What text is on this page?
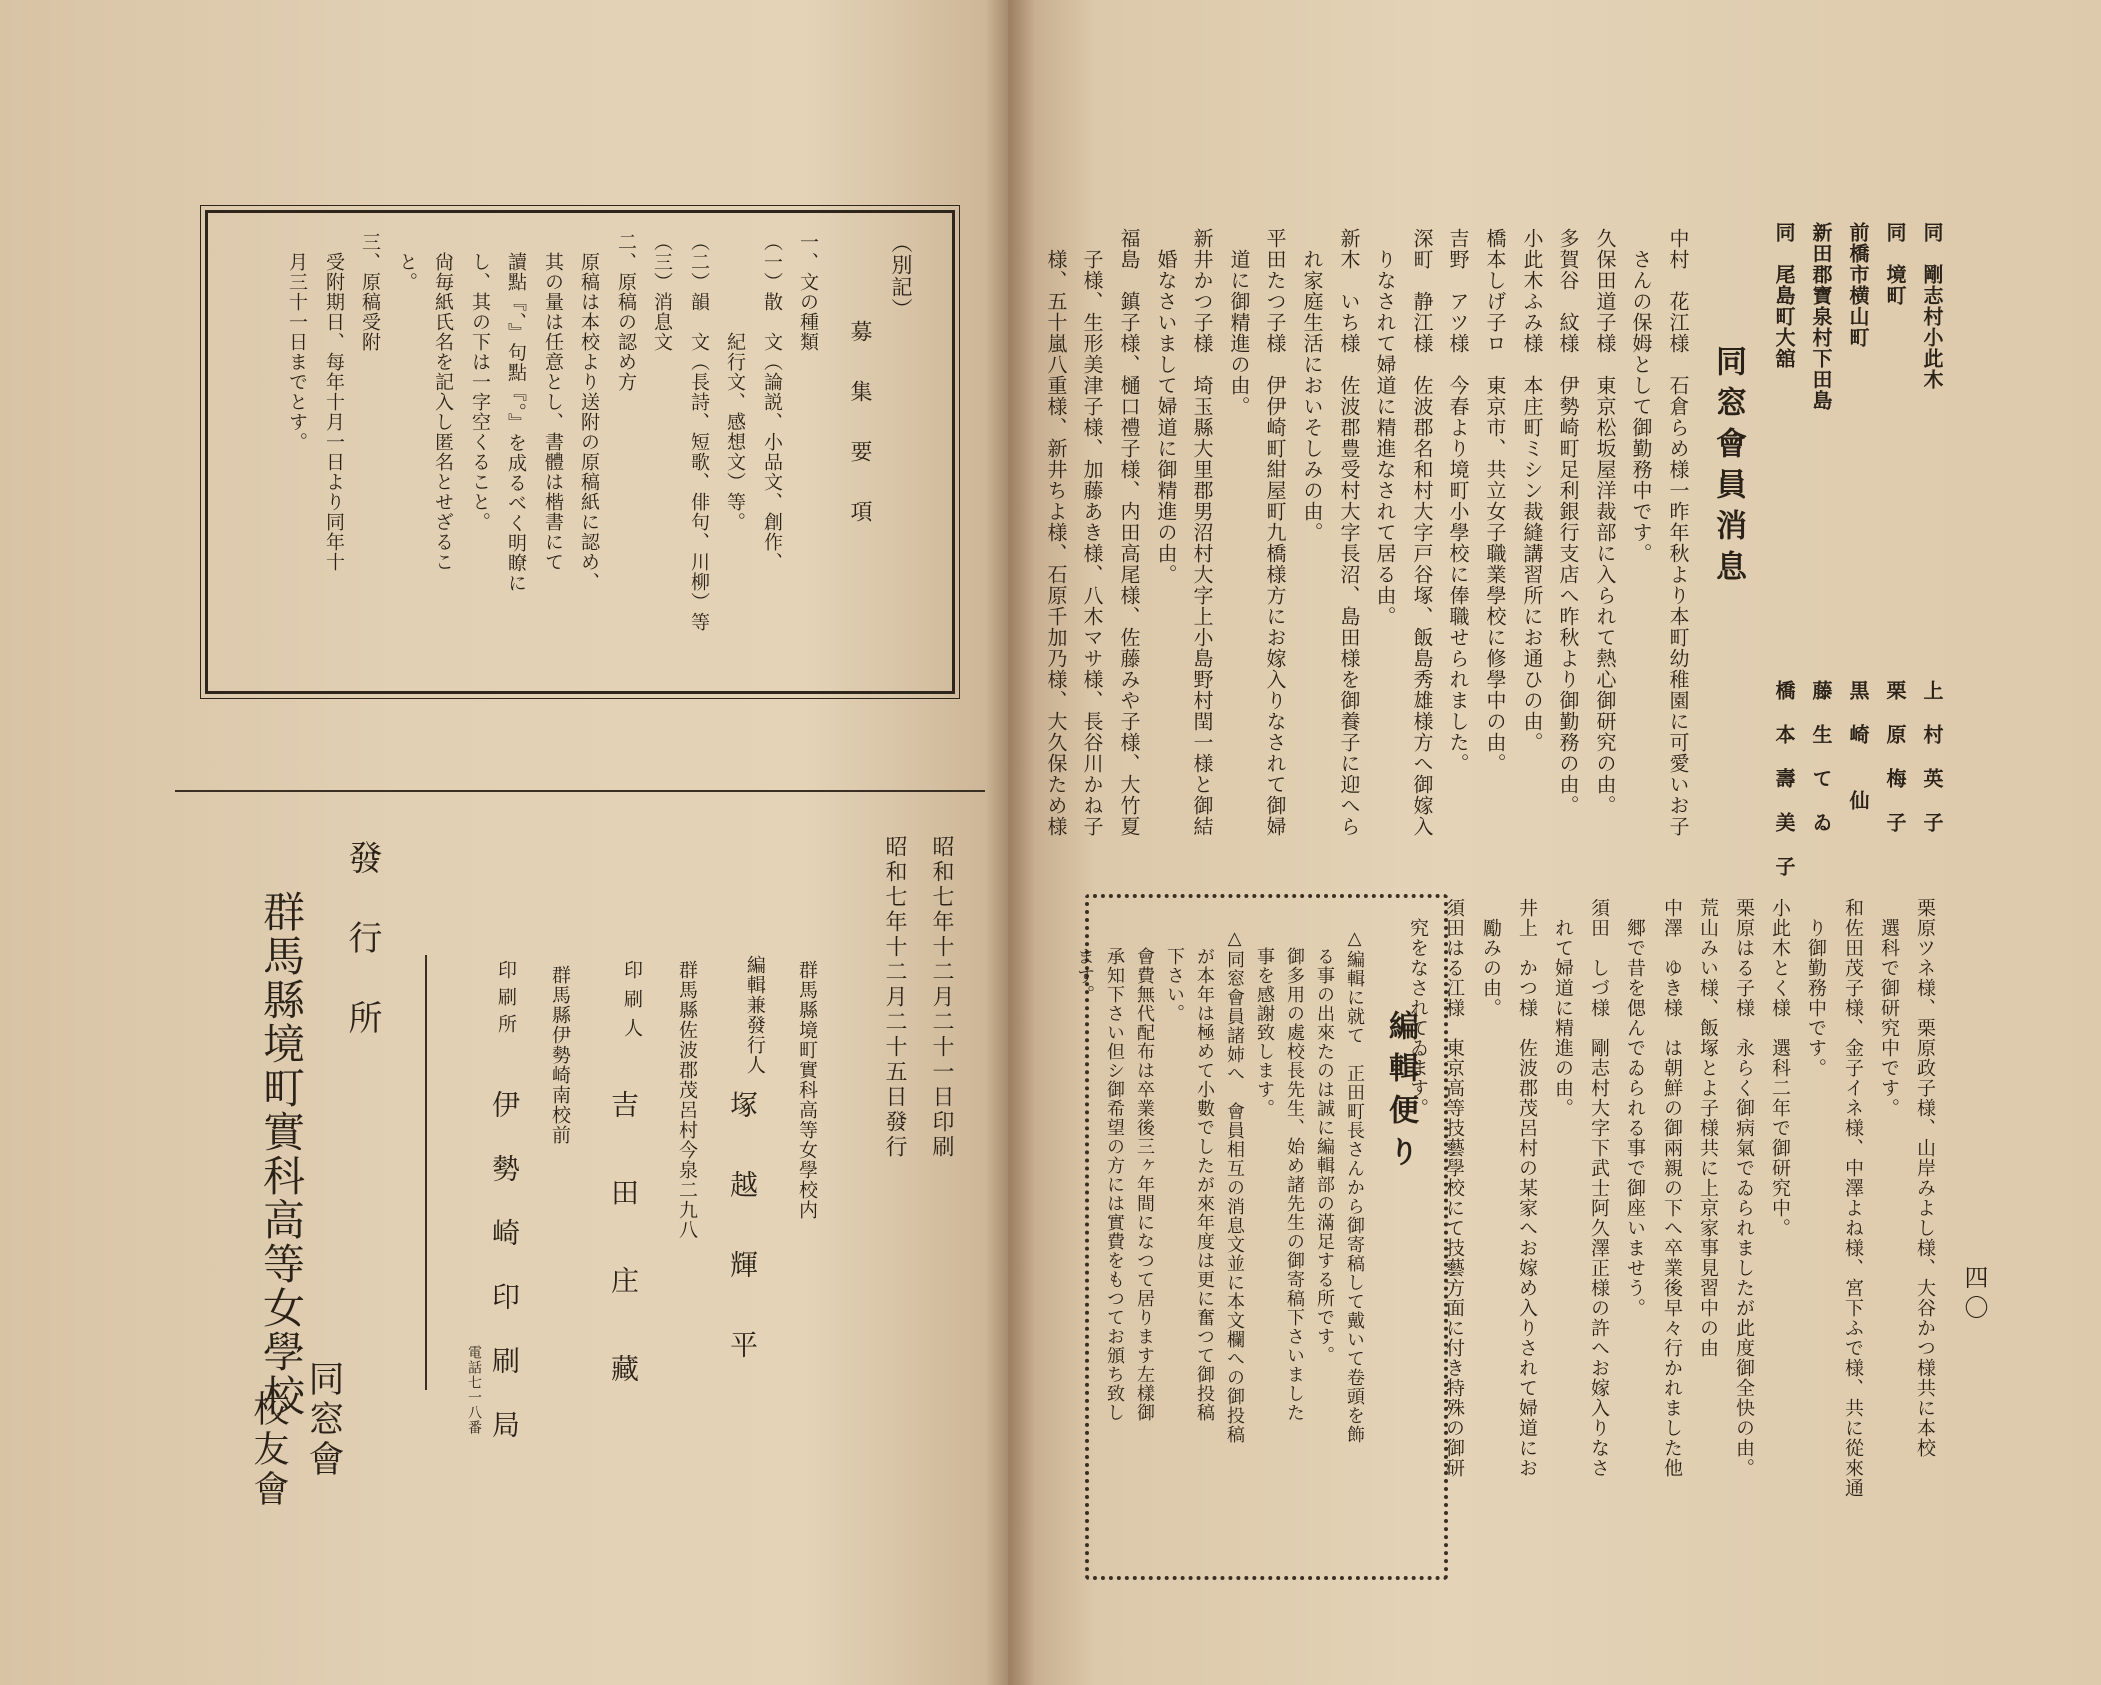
四〇
同　剛志村小此木
上　村　英　子
同　境町
栗　原　梅　子
前橋市横山町
黒　崎　　仙
新田郡寶泉村下田島
藤　生　て　ゐ
同　尾島町大舘
橋　本　壽　美　子
同窓會員消息
中村　花江様　石倉らめ様一昨年秋より本町幼稚園に可愛いお子
　さんの保姆として御勤務中です。
久保田道子様　東京松坂屋洋裁部に入られて熱心御研究の由。
多賀谷　紋様　伊勢崎町足利銀行支店へ昨秋より御勤務の由。
小此木ふみ様　本庄町ミシン裁縫講習所にお通ひの由。
橋本しげ子ロ　東京市、共立女子職業學校に修學中の由。
吉野　アツ様　今春より境町小學校に俸職せられました。
深町　静江様　佐波郡名和村大字戸谷塚、飯島秀雄様方へ御嫁入
　りなされて婦道に精進なされて居る由。
新木　いち様　佐波郡豊受村大字長沼、島田様を御養子に迎へら
　れ家庭生活においそしみの由。
平田たつ子様　伊伊崎町紺屋町九橋様方にお嫁入りなされて御婦
　道に御精進の由。
新井かつ子様　埼玉縣大里郡男沼村大字上小島野村閏一様と御結
　婚なさいまして婦道に御精進の由。
福島　鎮子様、樋口禮子様、内田高尾様、佐藤みや子様、大竹夏
　子様、生形美津子様、加藤あき様、八木マサ様、長谷川かね子
　様、五十嵐八重様、新井ちよ様、石原千加乃様、大久保ため様
栗原ツネ様、栗原政子様、山岸みよし様、大谷かつ様共に本校
　選科で御研究中です。
和佐田茂子様、金子イネ様、中澤よね様、宮下ふで様、共に從來通
　り御勤務中です。
小此木とく様　選科二年で御研究中。
栗原はる子様　永らく御病氣でゐられましたが此度御全快の由。
荒山みい様、飯塚とよ子様共に上京家事見習中の由
中澤　ゆき様　は朝鮮の御兩親の下へ卒業後早々行かれました他
　郷で昔を偲んでゐられる事で御座いませう。
須田　しづ様　剛志村大字下武士阿久澤正様の許へお嫁入りなさ
　れて婦道に精進の由。
井上　かつ様　佐波郡茂呂村の某家へお嫁め入りされて婦道にお
　勵みの由。
須田はる江様　東京高等技藝學校にて技藝方面に付き特殊の御研
　究をなされてゐます。
編輯便り
△編輯に就て　正田町長さんから御寄稿して戴いて卷頭を飾
　る事の出來たのは誠に編輯部の滿足する所です。
　御多用の處校長先生、始め諸先生の御寄稿下さいました
　事を感謝致します。
△同窓會員諸姉へ　會員相互の消息文並に本文欄への御投稿
　が本年は極めて小數でしたが來年度は更に奮つて御投稿
　下さい。
　會費無代配布は卒業後三ヶ年間になつて居ります左樣御
　承知下さい但シ御希望の方には實費をもつてお頒ち致し
　ます。
（別記）
募　集　要　項
一、文の種類
（一）散　文（論説、小品文、創作、
　　　　　紀行文、感想文）等。
（二）韻　文（長詩、短歌、俳句、川柳）等
（三）消息文
二、原稿の認め方
　原稿は本校より送附の原稿紙に認め、
　其の量は任意とし、書體は楷書にて
　讀點『、』句點『。』を成るべく明瞭に
　し、其の下は一字空くること。
　尙毎紙氏名を記入し匿名とせざるこ
　と。
三、原稿受附
　受附期日、每年十月一日より同年十
　月三十一日までとす。
昭和七年十二月二十一日印刷
昭和七年十二月二十五日發行
群馬縣境町實科高等女學校内
編輯兼發行人
塚　越　輝　平
印刷人 群馬縣佐波郡茂呂村今泉二九八
吉　田　庄　藏
群馬縣伊勢崎南校前
印刷所
伊　勢　崎　印　刷　局
電話七一八番
發　行　所
群馬縣境町實科高等女學校
同窓會
校友會
